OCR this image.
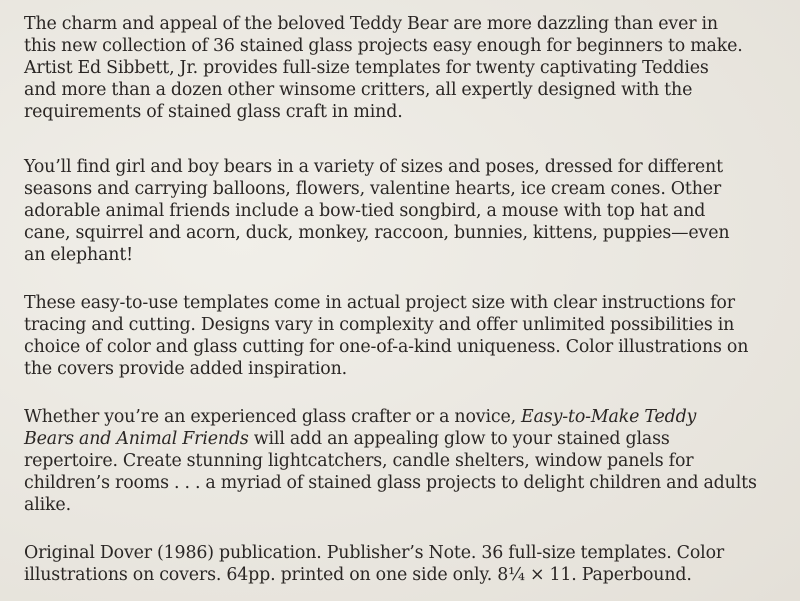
The charm and appeal of the beloved Teddy Bear are more dazzling than ever in
this new collection of 36 stained glass projects easy enough for beginners to make.
Artist Ed Sibbett, Jr. provides full-size templates for twenty captivating Teddies
and more than a dozen other winsome critters, all expertly designed with the
requirements of stained glass craft in mind.

You’ll find girl and boy bears in a variety of sizes and poses, dressed for different
seasons and carrying balloons, flowers, valentine hearts, ice cream cones. Other
adorable animal friends include a bow-tied songbird, a mouse with top hat and
cane, squirrel and acorn, duck, monkey, raccoon, bunnies, kittens, puppies—even
an elephant!

These easy-to-use templates come in actual project size with clear instructions for
tracing and cutting. Designs vary in complexity and offer unlimited possibilities in
choice of color and glass cutting for one-of-a-kind uniqueness. Color illustrations on
the covers provide added inspiration.

Whether you’re an experienced glass crafter or a novice, Easy-to-Make Teddy
Bears and Animal Friends will add an appealing glow to your stained glass
repertoire. Create stunning lightcatchers, candle shelters, window panels for
children’s rooms . . . a myriad of stained glass projects to delight children and adults
alike.

Original Dover (1986) publication. Publisher’s Note. 36 full-size templates. Color
illustrations on covers. 64pp. printed on one side only. 8¼ × 11. Paperbound.
